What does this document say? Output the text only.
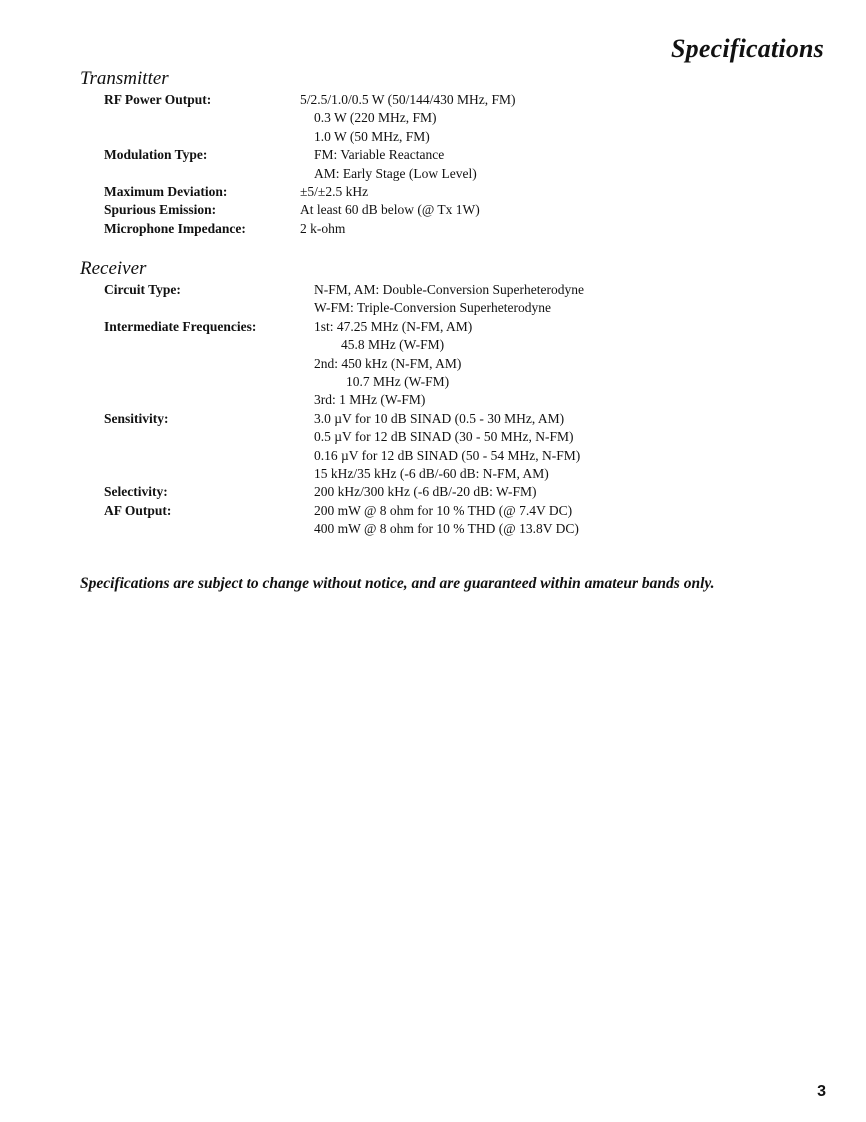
Specifications
Transmitter
RF Power Output:	5/2.5/1.0/0.5 W (50/144/430 MHz, FM)
0.3 W (220 MHz, FM)
1.0 W (50 MHz, FM)
Modulation Type:	FM: Variable Reactance
AM: Early Stage (Low Level)
Maximum Deviation:	±5/±2.5 kHz
Spurious Emission:	At least 60 dB below (@ Tx 1W)
Microphone Impedance:	2 k-ohm
Receiver
Circuit Type:	N-FM, AM: Double-Conversion Superheterodyne
W-FM: Triple-Conversion Superheterodyne
Intermediate Frequencies:	1st: 47.25 MHz (N-FM, AM)
45.8 MHz (W-FM)
2nd: 450 kHz (N-FM, AM)
10.7 MHz (W-FM)
3rd: 1 MHz (W-FM)
Sensitivity:	3.0 µV for 10 dB SINAD (0.5 - 30 MHz, AM)
0.5 µV for 12 dB SINAD (30 - 50 MHz, N-FM)
0.16 µV for 12 dB SINAD (50 - 54 MHz, N-FM)
15 kHz/35 kHz (-6 dB/-60 dB: N-FM, AM)
Selectivity:	200 kHz/300 kHz (-6 dB/-20 dB: W-FM)
AF Output:	200 mW @ 8 ohm for 10 % THD (@ 7.4V DC)
400 mW @ 8 ohm for 10 % THD (@ 13.8V DC)

Specifications are subject to change without notice, and are guaranteed within amateur bands only.

3
